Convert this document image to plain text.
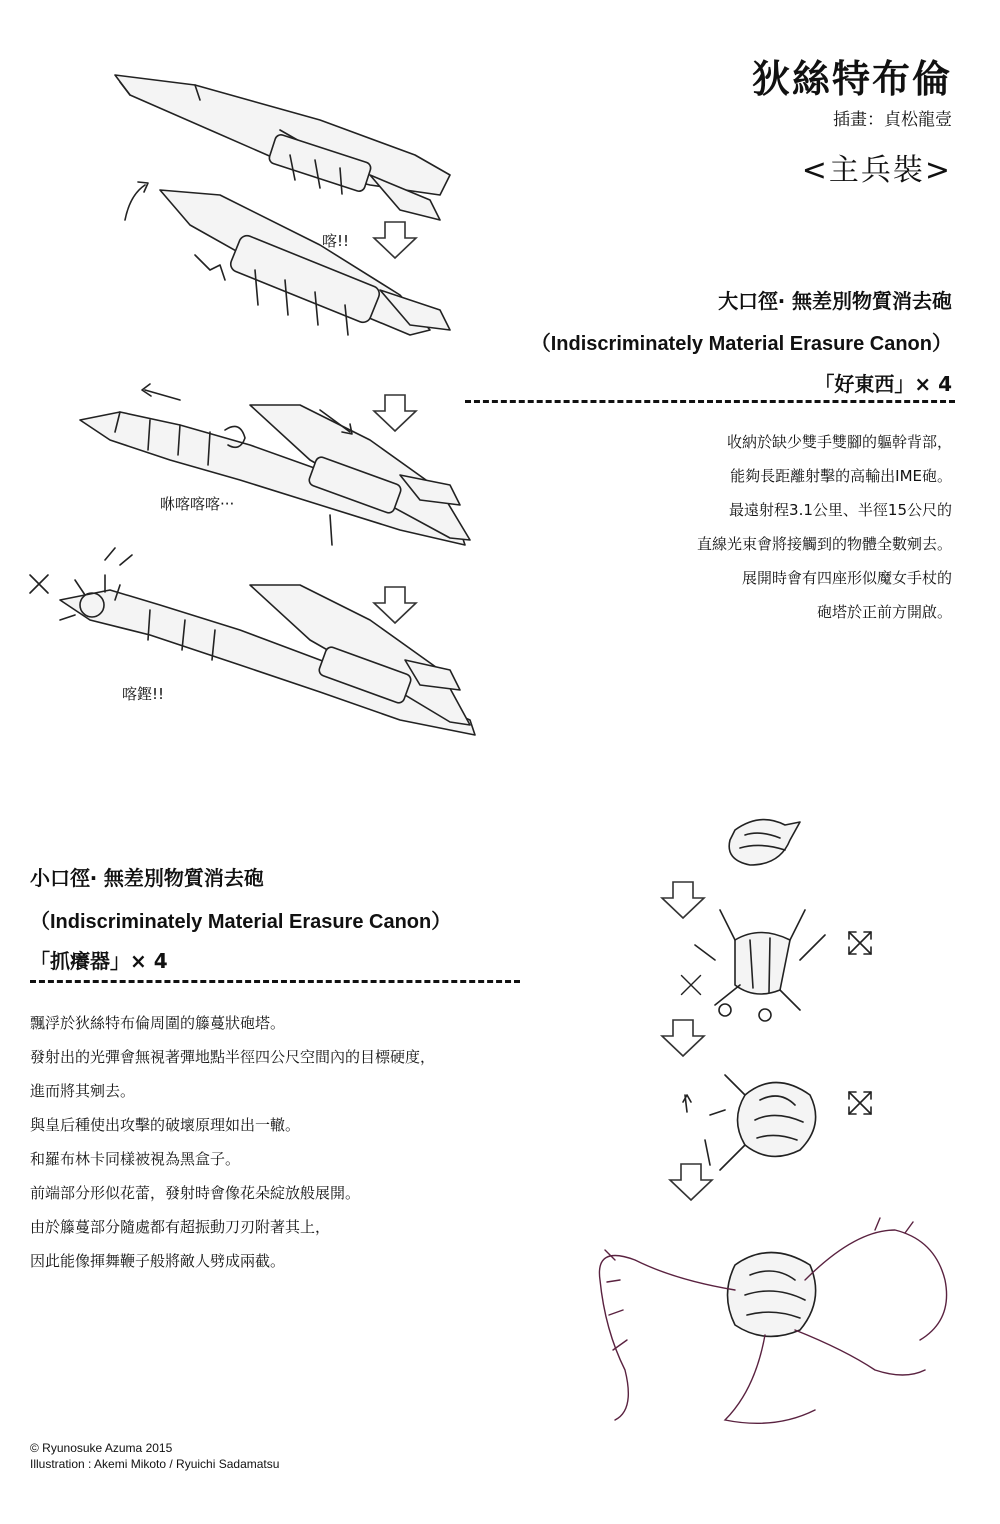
狄絲特布倫
插畫：貞松龍壹
<主兵裝>
喀!!
咻喀喀喀‧‧‧
喀鏗!!
大口徑‧ 無差別物質消去砲
（Indiscriminately Material Erasure Canon）
「好東西」× 4
收納於缺少雙手雙腳的軀幹背部，
能夠長距離射擊的高輸出IME砲。
最遠射程3.1公里、半徑15公尺的
直線光束會將接觸到的物體全數剜去。
展開時會有四座形似魔女手杖的
砲塔於正前方開啟。
小口徑‧ 無差別物質消去砲
（Indiscriminately Material Erasure Canon）
「抓癢器」× 4
飄浮於狄絲特布倫周圍的籐蔓狀砲塔。
發射出的光彈會無視著彈地點半徑四公尺空間內的目標硬度，
進而將其剜去。
與皇后種使出攻擊的破壞原理如出一轍。
和羅布林卡同樣被視為黑盒子。
前端部分形似花蕾，發射時會像花朵綻放般展開。
由於籐蔓部分隨處都有超振動刀刃附著其上，
因此能像揮舞鞭子般將敵人劈成兩截。
© Ryunosuke Azuma 2015
Illustration : Akemi Mikoto / Ryuichi Sadamatsu
